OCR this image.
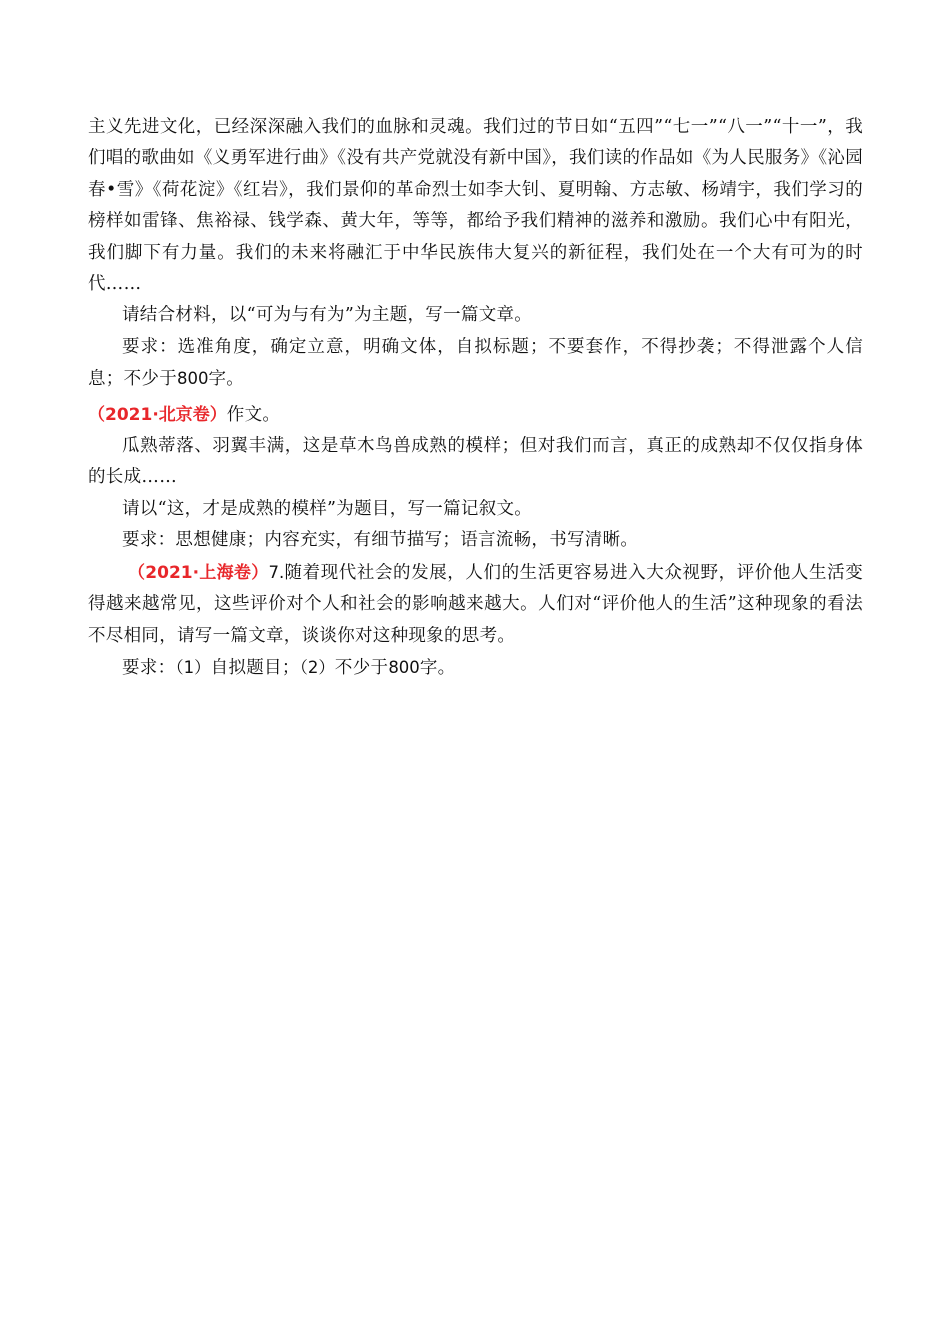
主义先进文化，已经深深融入我们的血脉和灵魂。我们过的节日如“五四”“七一”“八一”“十一”，我们唱的歌曲如《义勇军进行曲》《没有共产党就没有新中国》，我们读的作品如《为人民服务》《沁园春•雪》《荷花淀》《红岩》，我们景仰的革命烈士如李大钊、夏明翰、方志敏、杨靖宇，我们学习的榜样如雷锋、焦裕禄、钱学森、黄大年，等等，都给予我们精神的滋养和激励。我们心中有阳光，我们脚下有力量。我们的未来将融汇于中华民族伟大复兴的新征程，我们处在一个大有可为的时代……

请结合材料，以“可为与有为”为主题，写一篇文章。

要求：选准角度，确定立意，明确文体，自拟标题；不要套作，不得抄袭；不得泄露个人信息；不少于800字。

（2021·北京卷）作文。

瓜熟蒂落、羽翼丰满，这是草木鸟兽成熟的模样；但对我们而言，真正的成熟却不仅仅指身体的长成……

请以“这，才是成熟的模样”为题目，写一篇记叙文。

要求：思想健康；内容充实，有细节描写；语言流畅，书写清晰。

（2021·上海卷）7.随着现代社会的发展，人们的生活更容易进入大众视野，评价他人生活变得越来越常见，这些评价对个人和社会的影响越来越大。人们对“评价他人的生活”这种现象的看法不尽相同，请写一篇文章，谈谈你对这种现象的思考。

要求：（1）自拟题目；（2）不少于800字。
